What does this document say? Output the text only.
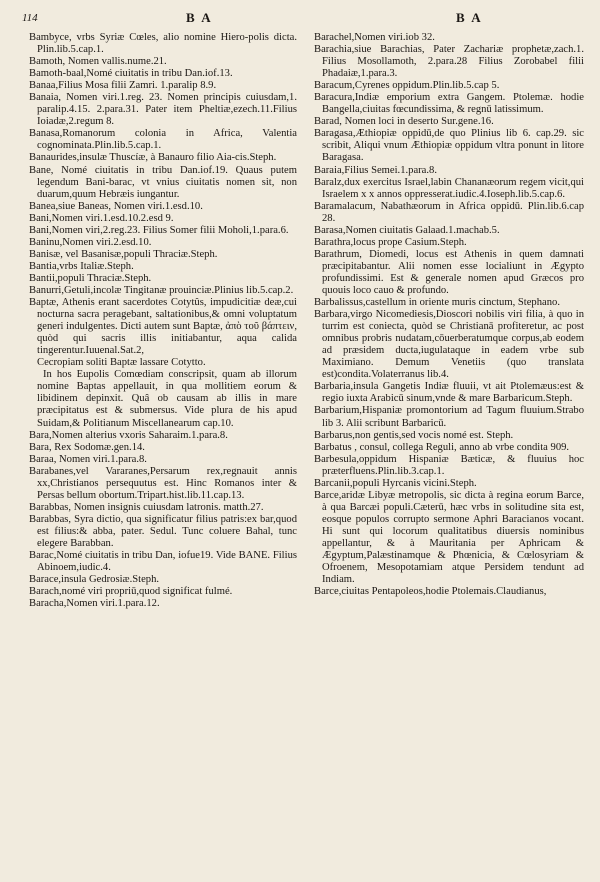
114	B A	B A

Bambyce, vrbs Syriæ Cœles, alio nomine Hiero-polis dicta. Plin.lib.5.cap.1.

Bamoth, Nomen vallis.nume.21.

Bamoth-baal,Nomé ciuitatis in tribu Dan.iof.13.

Banaa,Filius Mosa filii Zamri. 1.paralip 8.9.

Banaia, Nomen viri.1.reg. 23. Nomen principis cuiusdam,1. paralip.4.15. 2.para.31. Pater item Pheltiæ,ezech.11.Filius Ioiadæ,2.regum 8.

Banasa,Romanorum colonia in Africa, Valentia cognominata.Plin.lib.5.cap.1.

Banaurides,insulæ Thuscíæ, à Banauro filio Aia-cis.Steph.

Bane, Nomé ciuitatis in tribu Dan.iof.19. Quaus putem legendum Bani-barac, vt vnius ciuitatis nomen sit, non duarum,quum Hebræis iungantur.

Banea,siue Baneas, Nomen viri.1.esd.10.

Bani,Nomen viri.1.esd.10.2.esd 9.

Bani,Nomen viri,2.reg.23. Filius Somer filii Moholi,1.para.6.

Baninu,Nomen viri.2.esd.10.

Banisæ, vel Basanisæ,populi Thraciæ.Steph.

Bantia,vrbs Italiæ.Steph.

Bantii,populi Thraciæ.Steph.

Banurri,Getuli,incolæ Tingitanæ prouinciæ.Plinius lib.5.cap.2.

Baptæ, Athenis erant sacerdotes Cotytûs, impudicitiæ deæ,cui nocturna sacra peragebant, saltationibus,& omni voluptatum generi indulgentes. Dicti autem sunt Baptæ, ἀπὸ τοῦ βάπτειν, quòd qui sacris illis initiabantur, aqua calida tingerentur.Iuuenal.Sat.2,

Cecropiam soliti Baptæ lassare Cotytto.

In hos Eupolis Comœdiam conscripsit, quam ab illorum nomine Baptas appellauit, in qua mollitiem eorum & libidinem depinxit. Quâ ob causam ab illis in mare præcipitatus est & submersus. Vide plura de his apud Suidam,& Politianum Miscellanearum cap.10.

Bara,Nomen alterius vxoris Saharaim.1.para.8.

Bara, Rex Sodomæ.gen.14.

Baraa, Nomen viri.1.para.8.

Barabanes,vel Vararanes,Persarum rex,regnauit annis xx,Christianos persequutus est. Hinc Romanos inter & Persas bellum obortum.Tripart.hist.lib.11.cap.13.

Barabbas, Nomen insignis cuiusdam latronis. matth.27.

Barabbas, Syra dictio, qua significatur filius patris:ex bar,quod est filius:& abba, pater. Sedul. Tunc coluere Bahal, tunc elegere Barabban.

Barac,Nomé ciuitatis in tribu Dan, iofue19. Vide BANE. Filius Abinoem,iudic.4.

Barace,insula Gedrosiæ.Steph.

Barach,nomé viri propriū,quod significat fulmé.

Baracha,Nomen viri.1.para.12.

Barachel,Nomen viri.iob 32.

Barachia,siue Barachias, Pater Zachariæ prophetæ,zach.1. Filius Mosollamoth, 2.para.28 Filius Zorobabel filii Phadaiæ,1.para.3.

Baracum,Cyrenes oppidum.Plin.lib.5.cap 5.

Baracura,Indiæ emporium extra Gangem. Ptolemæ. hodie Bangella,ciuitas fœcundissima, & regnū latissimum.

Barad, Nomen loci in deserto Sur.gene.16.

Baragasa,Æthiopiæ oppidū,de quo Plinius lib 6. cap.29. sic scribit, Aliqui vnum Æthiopiæ oppidum vltra ponunt in litore Baragasa.

Baraia,Filius Semei.1.para.8.

Baralz,dux exercitus Israel,labin Chananæorum regem vicit,qui Israelem x x annos oppresserat.iudic.4.Ioseph.lib.5.cap.6.

Baramalacum, Nabathæorum in Africa oppidū. Plin.lib.6.cap 28.

Barasa,Nomen ciuitatis Galaad.1.machab.5.

Barathra,locus prope Casium.Steph.

Barathrum, Diomedi, locus est Athenis in quem damnati præcipitabantur. Alii nomen esse locialiunt in Ægypto profundissimi. Est & generale nomen apud Græcos pro quouis loco cauo & profundo.

Barbalissus,castellum in oriente muris cinctum, Stephano.

Barbara,virgo Nicomediesis,Dioscori nobilis viri filia, à quo in turrim est coniecta, quòd se Christianā profiteretur, ac post omnibus probris nudatam,cōuerberatumque corpus,ab eodem ad præsidem ducta,iugulataque in eadem vrbe sub Maximiano. Demum Venetiis (quo translata est)condita.Volaterranus lib.4.

Barbaria,insula Gangetis Indiæ fluuii, vt ait Ptolemæus:est & regio iuxta Arabicū sinum,vnde & mare Barbaricum.Steph.

Barbarium,Hispaniæ promontorium ad Tagum fluuium.Strabo lib 3. Alii scribunt Barbaricū.

Barbarus,non gentis,sed vocis nomé est. Steph.

Barbatus , consul, collega Reguli, anno ab vrbe condita 909.

Barbesula,oppidum Hispaniæ Bæticæ, & fluuius hoc præterfluens.Plin.lib.3.cap.1.

Barcanii,populi Hyrcanis vicini.Steph.

Barce,aridæ Libyæ metropolis, sic dicta à regina eorum Barce, à qua Barcæi populi.Cæterū, hæc vrbs in solitudine sita est, eosque populos corrupto sermone Aphri Baracianos vocant. Hi sunt qui locorum qualitatibus diuersis nominibus appellantur, & à Mauritania per Aphricam & Ægyptum,Palæstinamque & Phœnicia, & Cœlosyriam & Ofroenem, Mesopotamiam atque Persidem tendunt ad Indiam.

Barce,ciuitas Pentapoleos,hodie Ptolemais.Claudianus,
